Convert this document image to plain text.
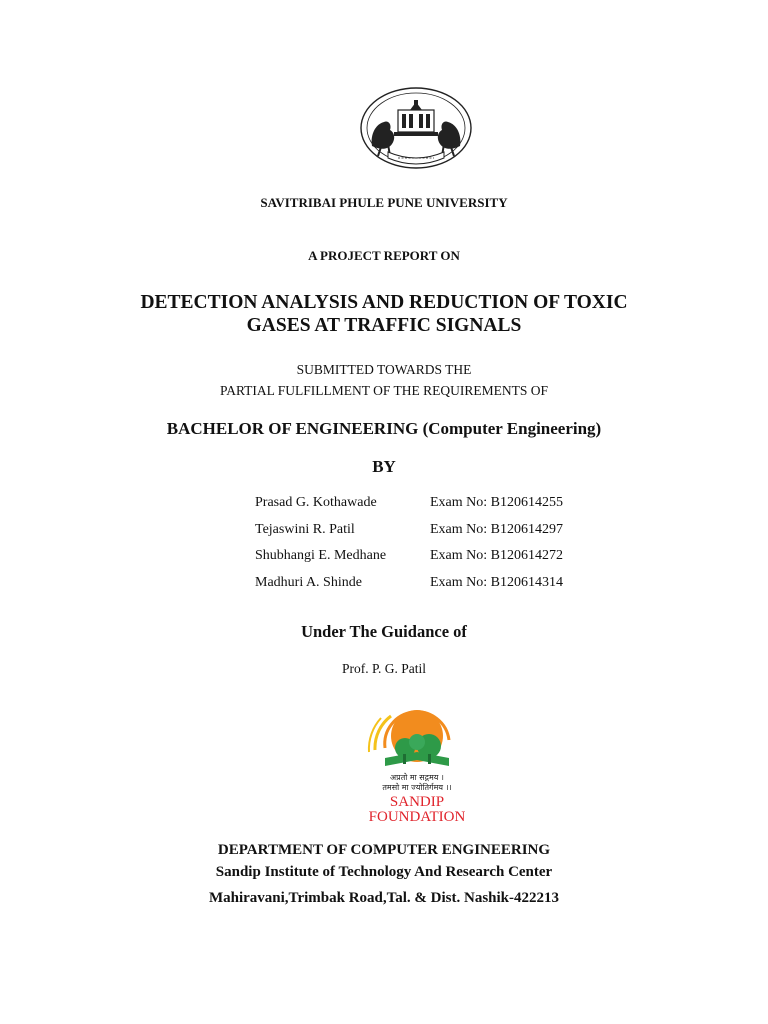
SAVITRIBAI PHULE PUNE UNIVERSITY
A PROJECT REPORT ON
DETECTION ANALYSIS AND REDUCTION OF TOXIC
GASES AT TRAFFIC SIGNALS
SUBMITTED TOWARDS THE
PARTIAL FULFILLMENT OF THE REQUIREMENTS OF
BACHELOR OF ENGINEERING (Computer Engineering)
BY
Prasad G. Kothawade	Exam No: B120614255
Tejaswini R. Patil	Exam No: B120614297
Shubhangi E. Medhane	Exam No: B120614272
Madhuri A. Shinde	Exam No: B120614314
Under The Guidance of
Prof. P. G. Patil
अप्रतो मा सद्गमय ।
तमसो मा ज्योतिर्गमय ।।
SANDIP
FOUNDATION
DEPARTMENT OF COMPUTER ENGINEERING
Sandip Institute of Technology And Research Center
Mahiravani,Trimbak Road,Tal. & Dist. Nashik-422213
